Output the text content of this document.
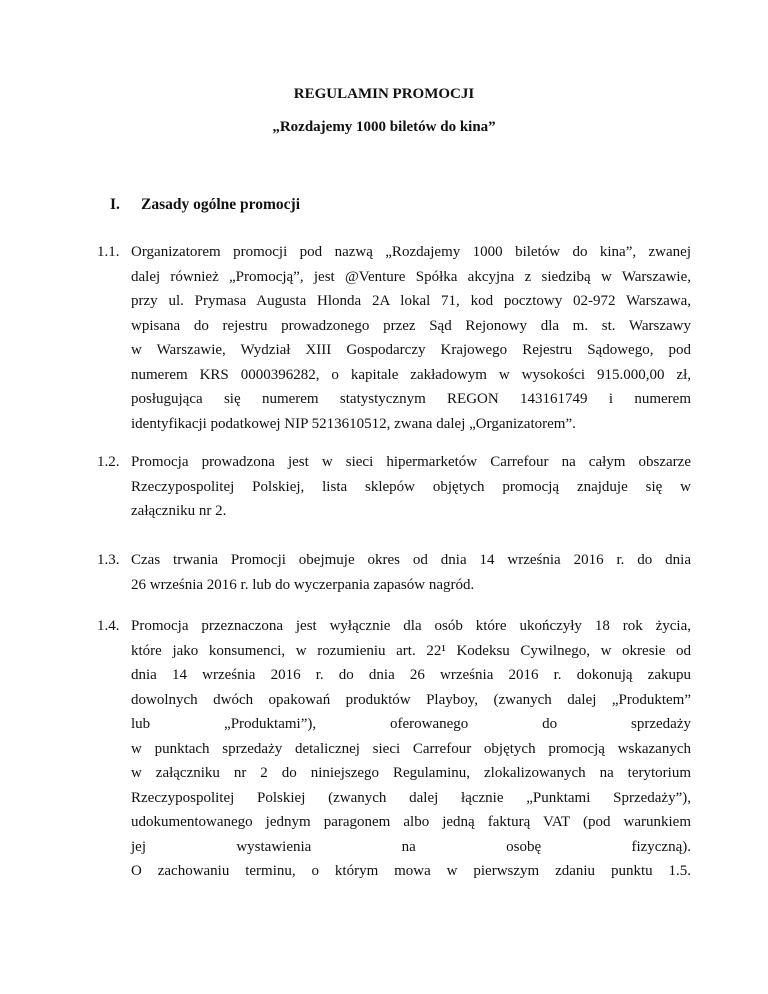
REGULAMIN PROMOCJI
„Rozdajemy 1000 biletów do kina”
I. Zasady ogólne promocji
1.1. Organizatorem promocji pod nazwą „Rozdajemy 1000 biletów do kina”, zwanej
dalej również „Promocją”, jest @Venture Spółka akcyjna z siedzibą w Warszawie,
przy ul. Prymasa Augusta Hlonda 2A lokal 71, kod pocztowy 02-972 Warszawa,
wpisana do rejestru prowadzonego przez Sąd Rejonowy dla m. st. Warszawy
w Warszawie, Wydział XIII Gospodarczy Krajowego Rejestru Sądowego, pod
numerem KRS 0000396282, o kapitale zakładowym w wysokości 915.000,00 zł,
posługująca się numerem statystycznym REGON 143161749 i numerem
identyfikacji podatkowej NIP 5213610512, zwana dalej „Organizatorem”.
1.2. Promocja prowadzona jest w sieci hipermarketów Carrefour na całym obszarze
Rzeczypospolitej Polskiej, lista sklepów objętych promocją znajduje się w
załączniku nr 2.
1.3. Czas trwania Promocji obejmuje okres od dnia 14 września 2016 r. do dnia
26 września 2016 r. lub do wyczerpania zapasów nagród.
1.4. Promocja przeznaczona jest wyłącznie dla osób które ukończyły 18 rok życia,
które jako konsumenci, w rozumieniu art. 22¹ Kodeksu Cywilnego, w okresie od
dnia 14 września 2016 r. do dnia 26 września 2016 r. dokonują zakupu
dowolnych dwóch opakowań produktów Playboy, (zwanych dalej „Produktem”
lub „Produktami”), oferowanego do sprzedaży
w punktach sprzedaży detalicznej sieci Carrefour objętych promocją wskazanych
w załączniku nr 2 do niniejszego Regulaminu, zlokalizowanych na terytorium
Rzeczypospolitej Polskiej (zwanych dalej łącznie „Punktami Sprzedaży”),
udokumentowanego jednym paragonem albo jedną fakturą VAT (pod warunkiem
jej wystawienia na osobę fizyczną).
O zachowaniu terminu, o którym mowa w pierwszym zdaniu punktu 1.5.
